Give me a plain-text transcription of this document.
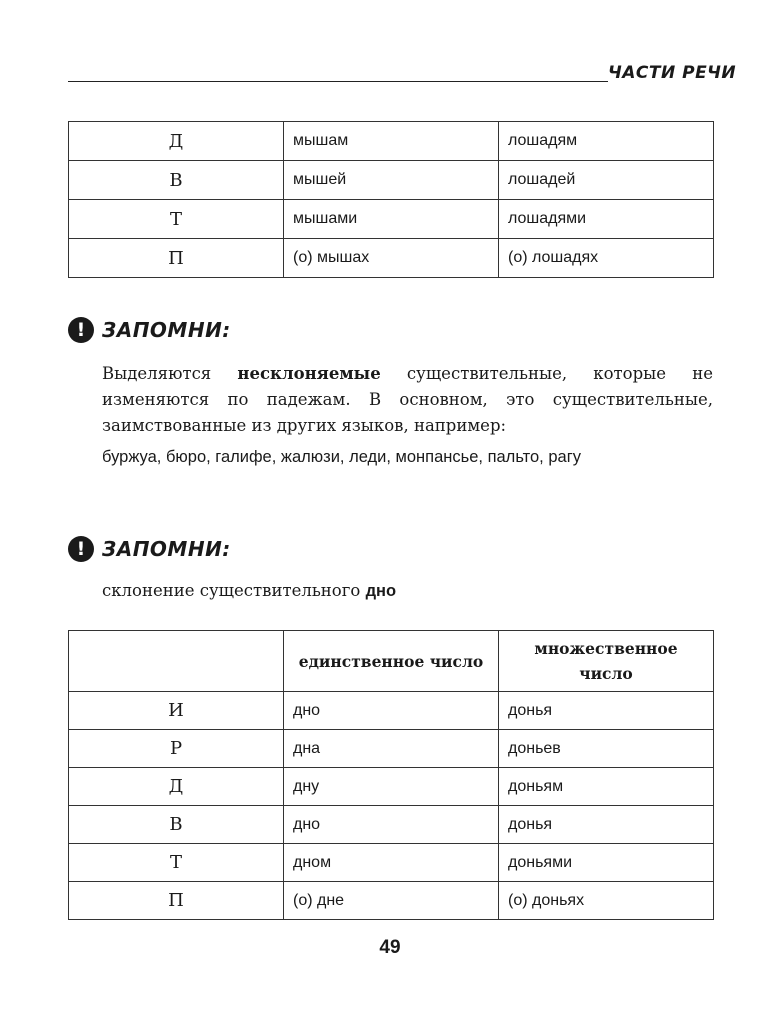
ЧАСТИ РЕЧИ
Д	мышам	лошадям
В	мышей	лошадей
Т	мышами	лошадями
П	(о) мышах	(о) лошадях
! ЗАПОМНИ:
Выделяются несклоняемые существительные, которые не изменяются по падежам. В основном, это существительные, заимствованные из других языков, например:
буржуа, бюро, галифе, жалюзи, леди, монпансье, пальто, рагу
! ЗАПОМНИ:
склонение существительного дно
	единственное число	множественное число
И	дно	донья
Р	дна	доньев
Д	дну	доньям
В	дно	донья
Т	дном	доньями
П	(о) дне	(о) доньях
49
